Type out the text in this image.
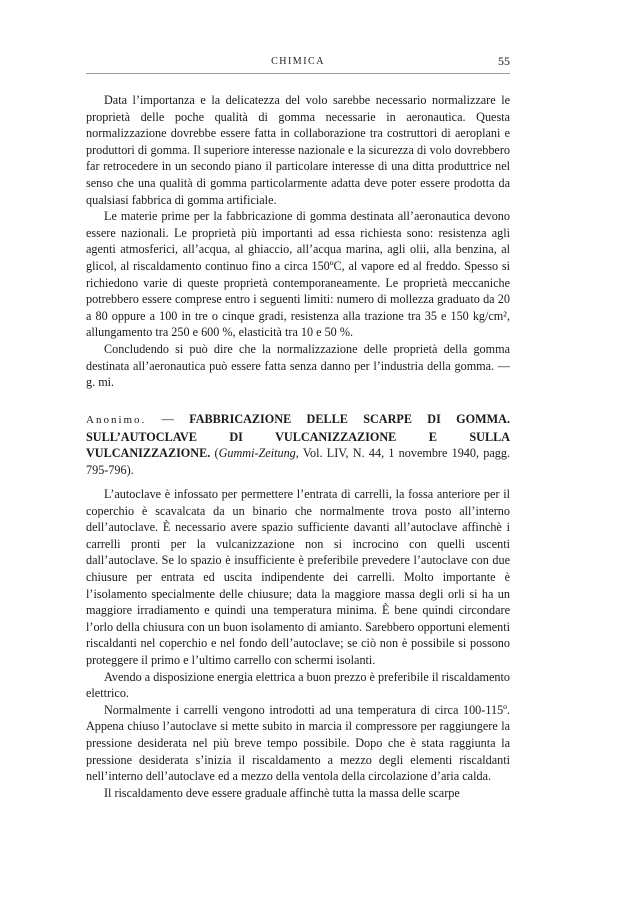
CHIMICA	55

Data l’importanza e la delicatezza del volo sarebbe necessario normalizzare le proprietà delle poche qualità di gomma necessarie in aeronautica. Questa normalizzazione dovrebbe essere fatta in collaborazione tra costruttori di aeroplani e produttori di gomma. Il superiore interesse nazionale e la sicurezza di volo dovrebbero far retrocedere in un secondo piano il particolare interesse di una ditta produttrice nel senso che una qualità di gomma particolarmente adatta deve poter essere prodotta da qualsiasi fabbrica di gomma artificiale.

Le materie prime per la fabbricazione di gomma destinata all’aeronautica devono essere nazionali. Le proprietà più importanti ad essa richiesta sono: resistenza agli agenti atmosferici, all’acqua, al ghiaccio, all’acqua marina, agli olii, alla benzina, al glicol, al riscaldamento continuo fino a circa 150ºC, al vapore ed al freddo. Spesso si richiedono varie di queste proprietà contemporaneamente. Le proprietà meccaniche potrebbero essere comprese entro i seguenti limiti: numero di mollezza graduato da 20 a 80 oppure a 100 in tre o cinque gradi, resistenza alla trazione tra 35 e 150 kg/cm², allungamento tra 250 e 600 %, elasticità tra 10 e 50 %.

Concludendo si può dire che la normalizzazione delle proprietà della gomma destinata all’aeronautica può essere fatta senza danno per l’industria della gomma. — g. mi.

Anonimo. — FABBRICAZIONE DELLE SCARPE DI GOMMA. SULL’AUTOCLAVE DI VULCANIZZAZIONE E SULLA VULCANIZZAZIONE. (Gummi-Zeitung, Vol. LIV, N. 44, 1 novembre 1940, pagg. 795-796).

L’autoclave è infossato per permettere l’entrata di carrelli, la fossa anteriore per il coperchio è scavalcata da un binario che normalmente trova posto all’interno dell’autoclave. È necessario avere spazio sufficiente davanti all’autoclave affinchè i carrelli pronti per la vulcanizzazione non si incrocino con quelli uscenti dall’autoclave. Se lo spazio è insufficiente è preferibile prevedere l’autoclave con due chiusure per entrata ed uscita indipendente dei carrelli. Molto importante è l’isolamento specialmente delle chiusure; data la maggiore massa degli orli si ha un maggiore irradiamento e quindi una temperatura minima. È bene quindi circondare l’orlo della chiusura con un buon isolamento di amianto. Sarebbero opportuni elementi riscaldanti nel coperchio e nel fondo dell’autoclave; se ciò non è possibile si possono proteggere il primo e l’ultimo carrello con schermi isolanti.

Avendo a disposizione energia elettrica a buon prezzo è preferibile il riscaldamento elettrico.

Normalmente i carrelli vengono introdotti ad una temperatura di circa 100-115º. Appena chiuso l’autoclave si mette subito in marcia il compressore per raggiungere la pressione desiderata nel più breve tempo possibile. Dopo che è stata raggiunta la pressione desiderata s’inizia il riscaldamento a mezzo degli elementi riscaldanti nell’interno dell’autoclave ed a mezzo della ventola della circolazione d’aria calda.

Il riscaldamento deve essere graduale affinchè tutta la massa delle scarpe
